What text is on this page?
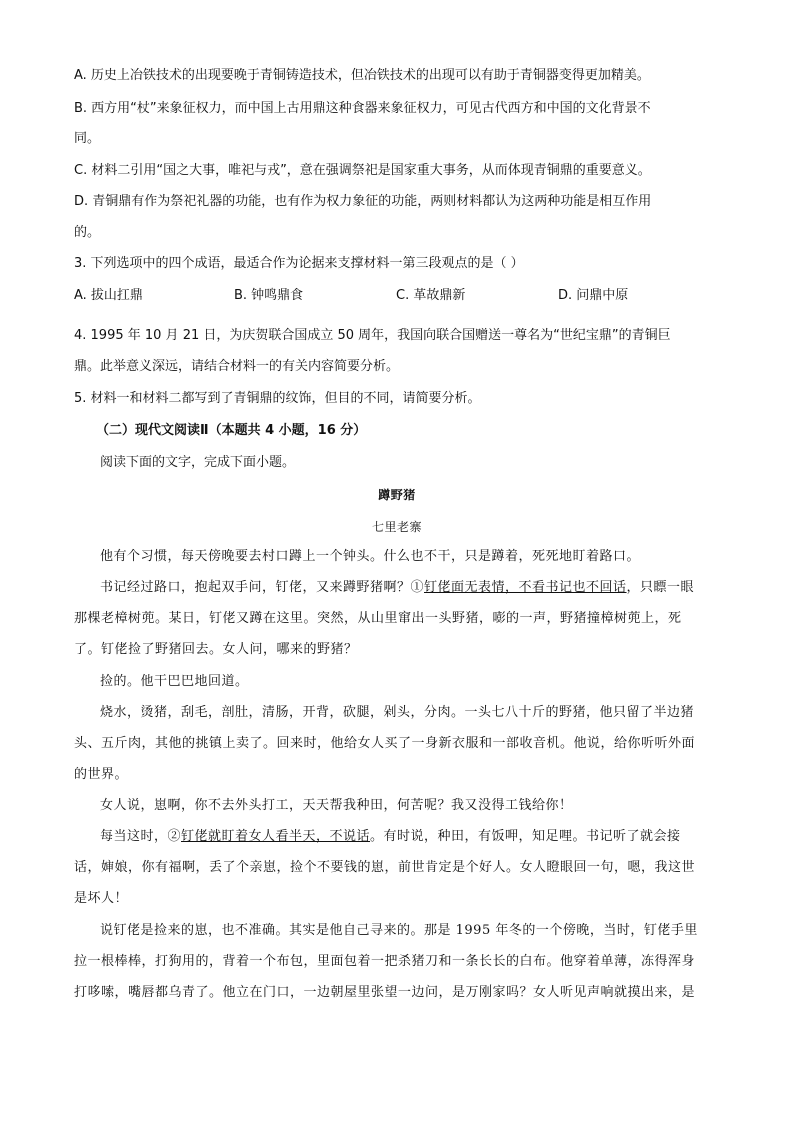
A. 历史上冶铁技术的出现要晚于青铜铸造技术，但冶铁技术的出现可以有助于青铜器变得更加精美。
B. 西方用“杖”来象征权力，而中国上古用鼎这种食器来象征权力，可见古代西方和中国的文化背景不
同。
C. 材料二引用“国之大事，唯祀与戎”，意在强调祭祀是国家重大事务，从而体现青铜鼎的重要意义。
D. 青铜鼎有作为祭祀礼器的功能，也有作为权力象征的功能，两则材料都认为这两种功能是相互作用
的。
3. 下列选项中的四个成语，最适合作为论据来支撑材料一第三段观点的是（ ）
A. 拔山扛鼎	B. 钟鸣鼎食	C. 革故鼎新	D. 问鼎中原
4. 1995 年 10 月 21 日，为庆贺联合国成立 50 周年，我国向联合国赠送一尊名为“世纪宝鼎”的青铜巨
鼎。此举意义深远，请结合材料一的有关内容简要分析。
5. 材料一和材料二都写到了青铜鼎的纹饰，但目的不同，请简要分析。
（二）现代文阅读Ⅱ（本题共 4 小题，16 分）
阅读下面的文字，完成下面小题。
蹲野猪
七里老寨
他有个习惯，每天傍晚要去村口蹲上一个钟头。什么也不干，只是蹲着，死死地盯着路口。
书记经过路口，抱起双手问，钉佬，又来蹲野猪啊？①钉佬面无表情，不看书记也不回话，只瞟一眼
那棵老樟树蔸。某日，钉佬又蹲在这里。突然，从山里窜出一头野猪，嘭的一声，野猪撞樟树蔸上，死
了。钉佬捡了野猪回去。女人问，哪来的野猪？
捡的。他干巴巴地回道。
烧水，烫猪，刮毛，剖肚，清肠，开背，砍腿，剁头，分肉。一头七八十斤的野猪，他只留了半边猪
头、五斤肉，其他的挑镇上卖了。回来时，他给女人买了一身新衣服和一部收音机。他说，给你听听外面
的世界。
女人说，崽啊，你不去外头打工，天天帮我种田，何苦呢？我又没得工钱给你！
每当这时，②钉佬就盯着女人看半天，不说话。有时说，种田，有饭呷，知足哩。书记听了就会接
话，婶娘，你有福啊，丢了个亲崽，捡个不要钱的崽，前世肯定是个好人。女人瞪眼回一句，嗯，我这世
是坏人！
说钉佬是捡来的崽，也不准确。其实是他自己寻来的。那是 1995 年冬的一个傍晚，当时，钉佬手里
拉一根棒棒，打狗用的，背着一个布包，里面包着一把杀猪刀和一条长长的白布。他穿着单薄，冻得浑身
打哆嗦，嘴唇都乌青了。他立在门口，一边朝屋里张望一边问，是万刚家吗？女人听见声响就摸出来，是
